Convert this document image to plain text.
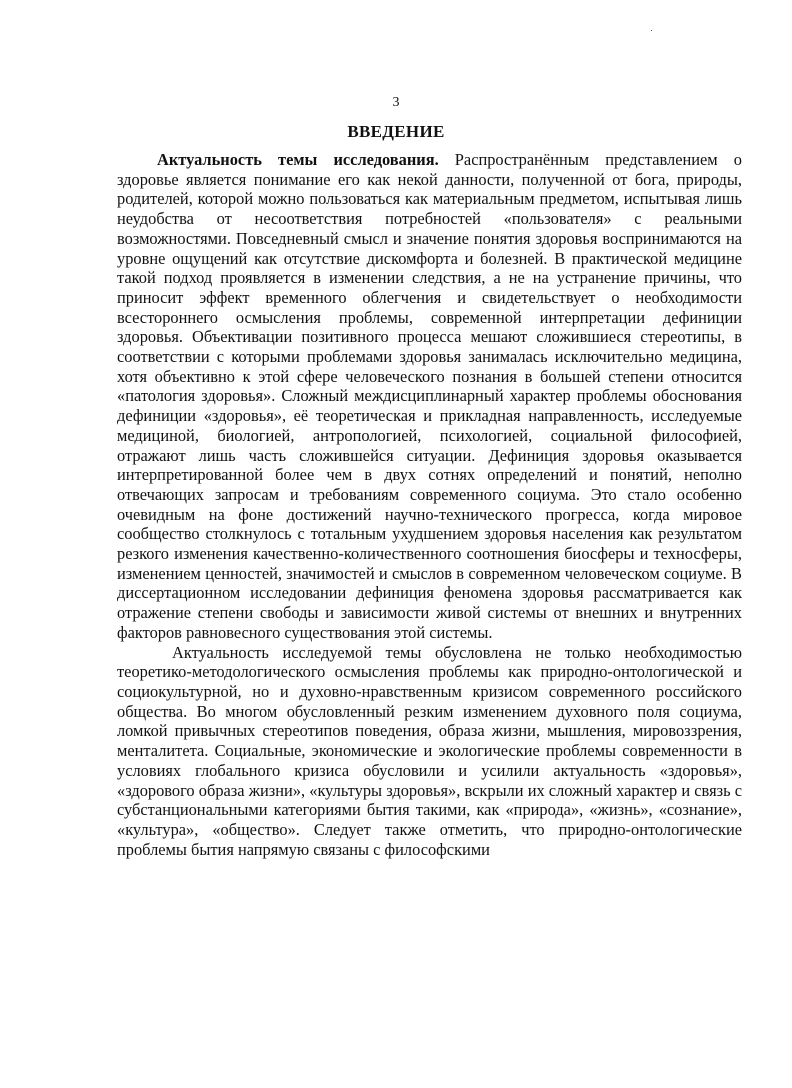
3
ВВЕДЕНИЕ

Актуальность темы исследования. Распространённым представлением о здоровье является понимание его как некой данности, полученной от бога, природы, родителей, которой можно пользоваться как материальным предметом, испытывая лишь неудобства от несоответствия потребностей «пользователя» с реальными возможностями. Повседневный смысл и значение понятия здоровья воспринимаются на уровне ощущений как отсутствие дискомфорта и болезней. В практической медицине такой подход проявляется в изменении следствия, а не на устранение причины, что приносит эффект временного облегчения и свидетельствует о необходимости всестороннего осмысления проблемы, современной интерпретации дефиниции здоровья. Объективации позитивного процесса мешают сложившиеся стереотипы, в соответствии с которыми проблемами здоровья занималась исключительно медицина, хотя объективно к этой сфере человеческого познания в большей степени относится «патология здоровья». Сложный междисциплинарный характер проблемы обоснования дефиниции «здоровья», её теоретическая и прикладная направленность, исследуемые медициной, биологией, антропологией, психологией, социальной философией, отражают лишь часть сложившейся ситуации. Дефиниция здоровья оказывается интерпретированной более чем в двух сотнях определений и понятий, неполно отвечающих запросам и требованиям современного социума. Это стало особенно очевидным на фоне достижений научно-технического прогресса, когда мировое сообщество столкнулось с тотальным ухудшением здоровья населения как результатом резкого изменения качественно-количественного соотношения биосферы и техносферы, изменением ценностей, значимостей и смыслов в современном человеческом социуме. В диссертационном исследовании дефиниция феномена здоровья рассматривается как отражение степени свободы и зависимости живой системы от внешних и внутренних факторов равновесного существования этой системы.

Актуальность исследуемой темы обусловлена не только необходимостью теоретико-методологического осмысления проблемы как природно-онтологической и социокультурной, но и духовно-нравственным кризисом современного российского общества. Во многом обусловленный резким изменением духовного поля социума, ломкой привычных стереотипов поведения, образа жизни, мышления, мировоззрения, менталитета. Социальные, экономические и экологические проблемы современности в условиях глобального кризиса обусловили и усилили актуальность «здоровья», «здорового образа жизни», «культуры здоровья», вскрыли их сложный характер и связь с субстанциональными категориями бытия такими, как «природа», «жизнь», «сознание», «культура», «общество». Следует также отметить, что природно-онтологические проблемы бытия напрямую связаны с философскими
